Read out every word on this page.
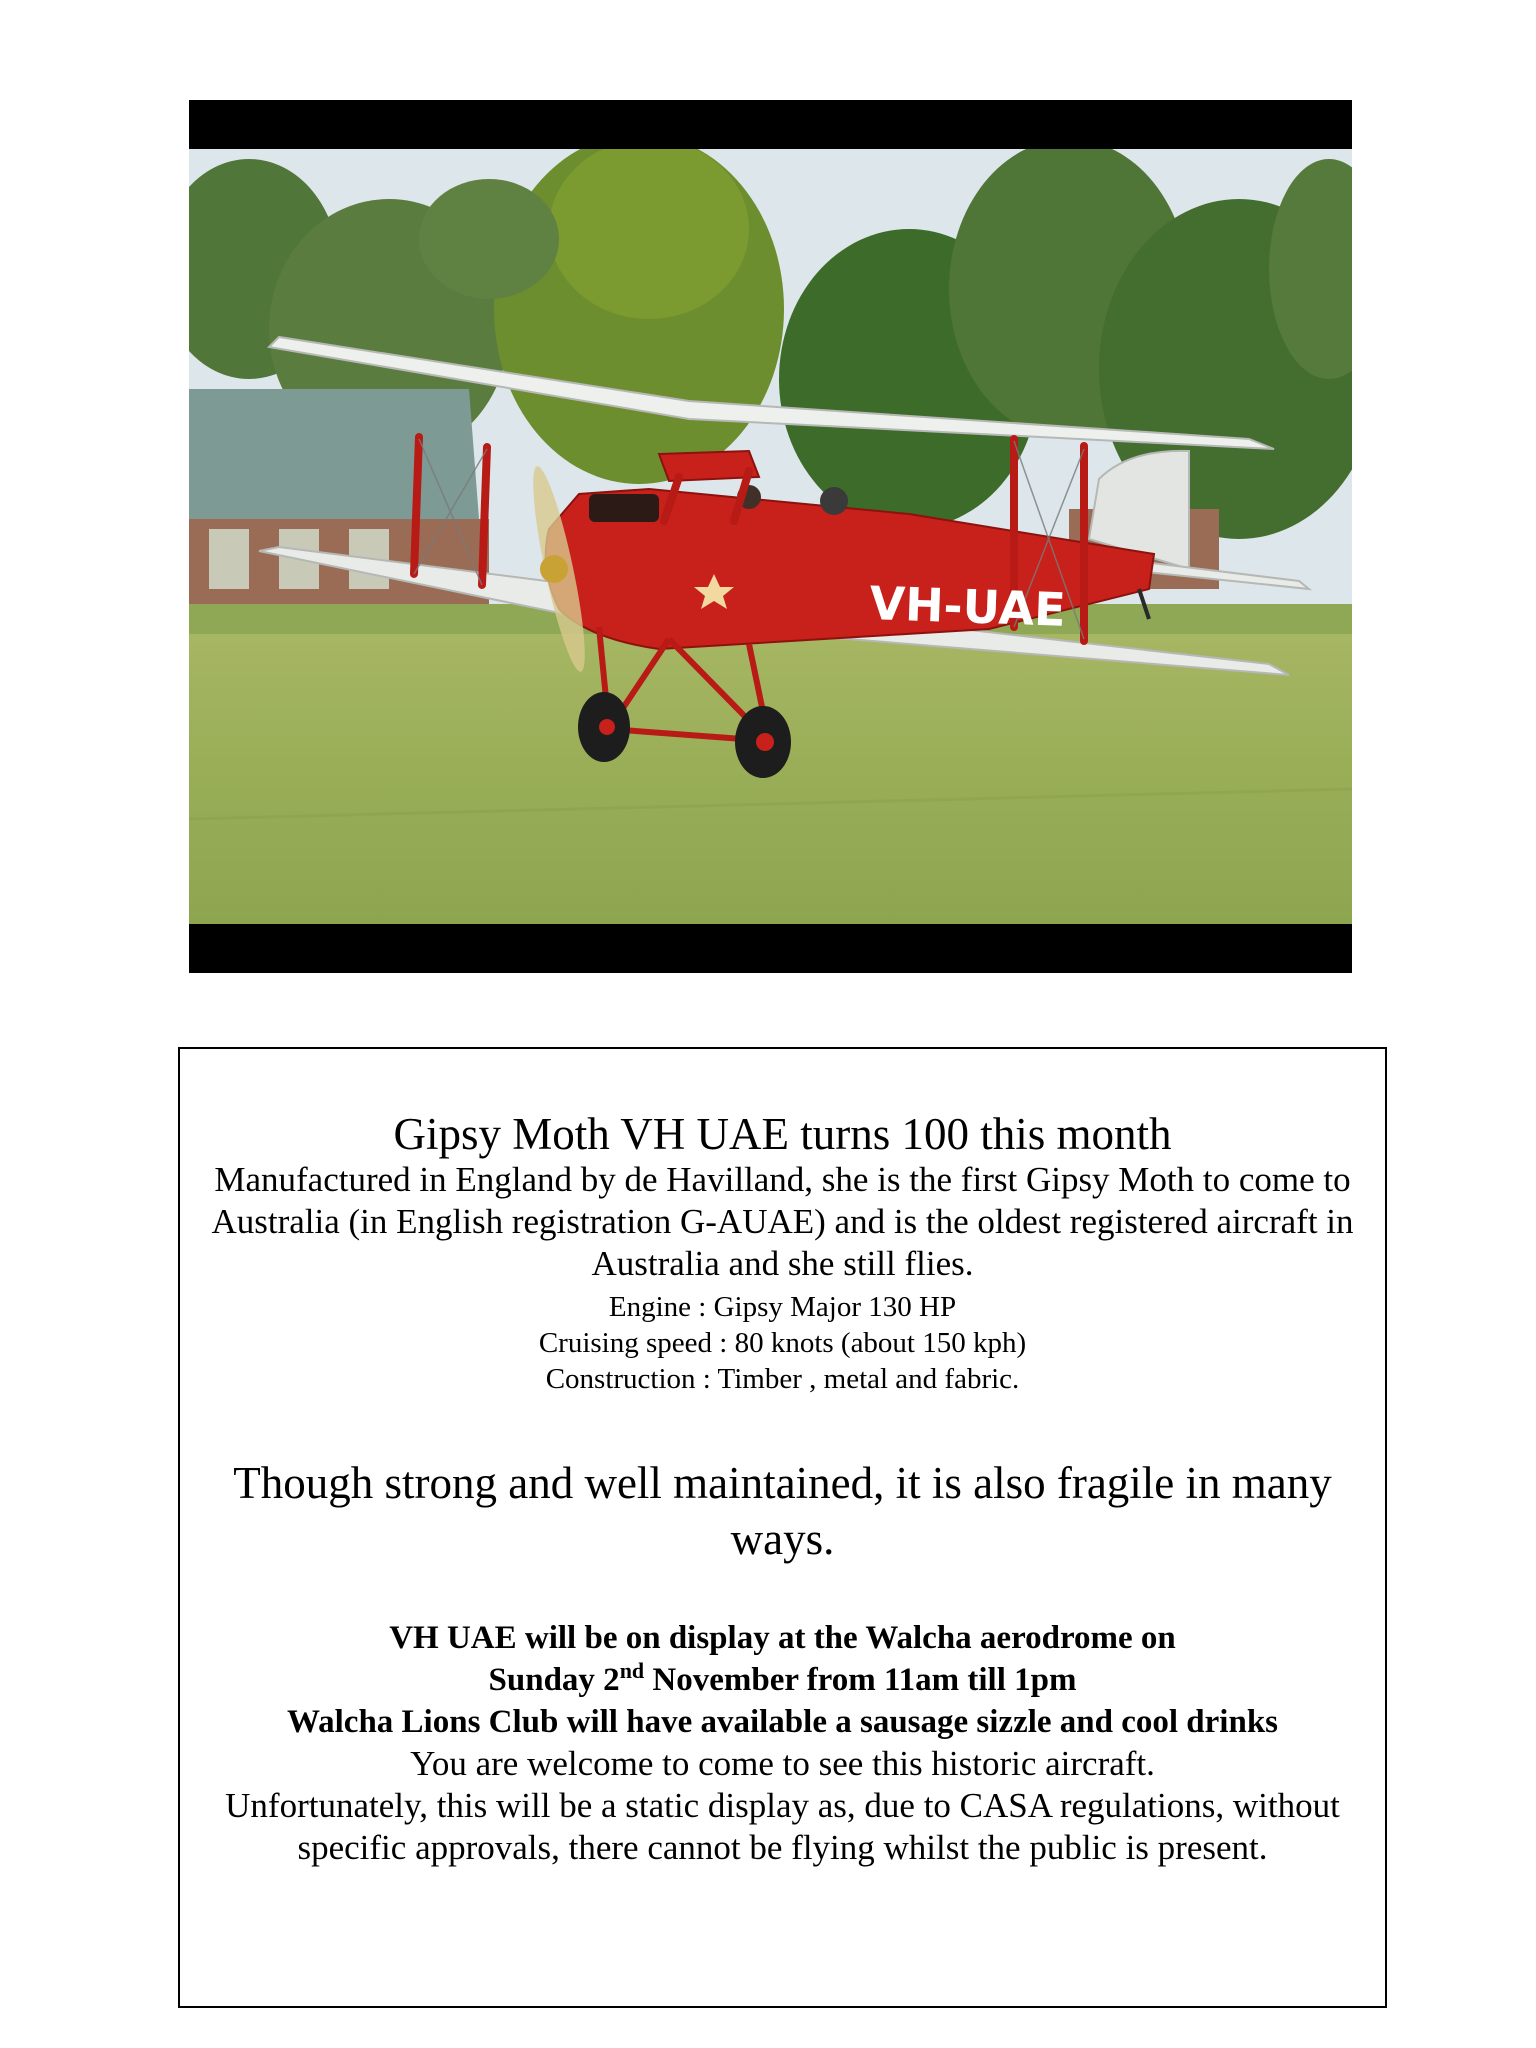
VH-UAE
Gipsy Moth VH UAE turns 100 this month

Manufactured in England by de Havilland, she is the first Gipsy Moth to come to Australia (in English registration G-AUAE) and is the oldest registered aircraft in Australia and she still flies.

Engine : Gipsy Major 130 HP

Cruising speed : 80 knots (about 150 kph)

Construction : Timber , metal and fabric.

Though strong and well maintained, it is also fragile in many ways.

VH UAE will be on display at the Walcha aerodrome on

Sunday 2nd November from 11am till 1pm

Walcha Lions Club will have available a sausage sizzle and cool drinks

You are welcome to come to see this historic aircraft.

Unfortunately, this will be a static display as, due to CASA regulations, without specific approvals, there cannot be flying whilst the public is present.
